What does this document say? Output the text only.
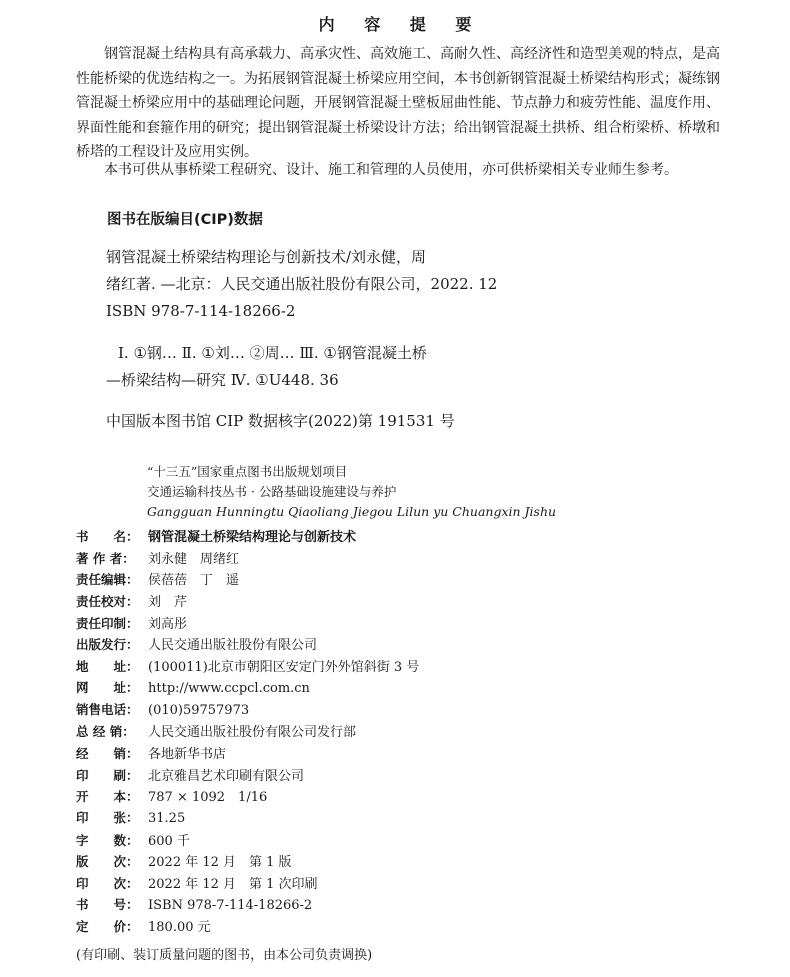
内 容 提 要
钢管混凝土结构具有高承载力、高承灾性、高效施工、高耐久性、高经济性和造型美观的特点，是高性能桥梁的优选结构之一。为拓展钢管混凝土桥梁应用空间，本书创新钢管混凝土桥梁结构形式；凝练钢管混凝土桥梁应用中的基础理论问题，开展钢管混凝土壁板屈曲性能、节点静力和疲劳性能、温度作用、界面性能和套箍作用的研究；提出钢管混凝土桥梁设计方法；给出钢管混凝土拱桥、组合桁梁桥、桥墩和桥塔的工程设计及应用实例。
本书可供从事桥梁工程研究、设计、施工和管理的人员使用，亦可供桥梁相关专业师生参考。
图书在版编目(CIP)数据
钢管混凝土桥梁结构理论与创新技术/刘永健，周
绪红著. —北京：人民交通出版社股份有限公司，2022. 12
ISBN 978-7-114-18266-2
Ⅰ. ①钢… Ⅱ. ①刘… ②周… Ⅲ. ①钢管混凝土桥
—桥梁结构—研究 Ⅳ. ①U448. 36
中国版本图书馆 CIP 数据核字(2022)第 191531 号
“十三五”国家重点图书出版规划项目
交通运输科技丛书 · 公路基础设施建设与养护
Gangguan Hunningtu Qiaoliang Jiegou Lilun yu Chuangxin Jishu
书　　名： 钢管混凝土桥梁结构理论与创新技术
著 作 者：	刘永健　周绪红
责任编辑： 侯蓓蓓　丁　遥
责任校对： 刘　芹
责任印制： 刘高彤
出版发行： 人民交通出版社股份有限公司
地　　址： (100011)北京市朝阳区安定门外外馆斜街 3 号
网　　址： http://www.ccpcl.com.cn
销售电话： (010)59757973
总 经 销：	人民交通出版社股份有限公司发行部
经　　销： 各地新华书店
印　　刷： 北京雅昌艺术印刷有限公司
开　　本： 787 × 1092　1/16
印　　张： 31.25
字　　数： 600 千
版　　次： 2022 年 12 月　第 1 版
印　　次： 2022 年 12 月　第 1 次印刷
书　　号： ISBN 978-7-114-18266-2
定　　价： 180.00 元
(有印刷、装订质量问题的图书，由本公司负责调换)
